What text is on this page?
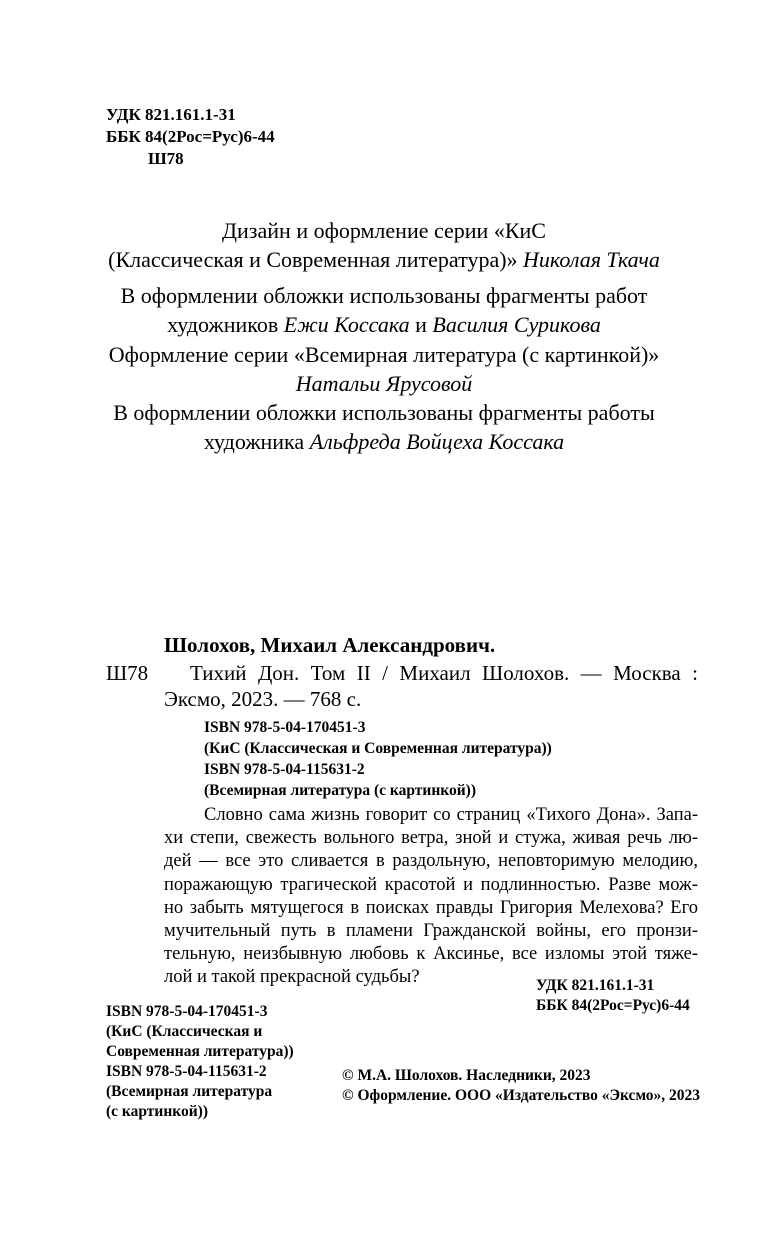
УДК 821.161.1-31
ББК 84(2Рос=Рус)6-44
Ш78
Дизайн и оформление серии «КиС
(Классическая и Современная литература)» Николая Ткача
В оформлении обложки использованы фрагменты работ
художников Ежи Коссака и Василия Сурикова
Оформление серии «Всемирная литература (с картинкой)»
Натальи Ярусовой
В оформлении обложки использованы фрагменты работы
художника Альфреда Войцеха Коссака
Шолохов, Михаил Александрович.
Ш78 Тихий Дон. Том II / Михаил Шолохов. — Москва :
Эксмо, 2023. — 768 с.
ISBN 978-5-04-170451-3
(КиС (Классическая и Современная литература))
ISBN 978-5-04-115631-2
(Всемирная литература (с картинкой))
Словно сама жизнь говорит со страниц «Тихого Дона». Запа-
хи степи, свежесть вольного ветра, зной и стужа, живая речь лю-
дей — все это сливается в раздольную, неповторимую мелодию,
поражающую трагической красотой и подлинностью. Разве мож-
но забыть мятущегося в поисках правды Григория Мелехова? Его
мучительный путь в пламени Гражданской войны, его пронзи-
тельную, неизбывную любовь к Аксинье, все изломы этой тяже-
лой и такой прекрасной судьбы?	УДК 821.161.1-31
ББК 84(2Рос=Рус)6-44
ISBN 978-5-04-170451-3
(КиС (Классическая и
Современная литература))
ISBN 978-5-04-115631-2
(Всемирная литература
(с картинкой))
© М.А. Шолохов. Наследники, 2023
© Оформление. ООО «Издательство «Эксмо», 2023
